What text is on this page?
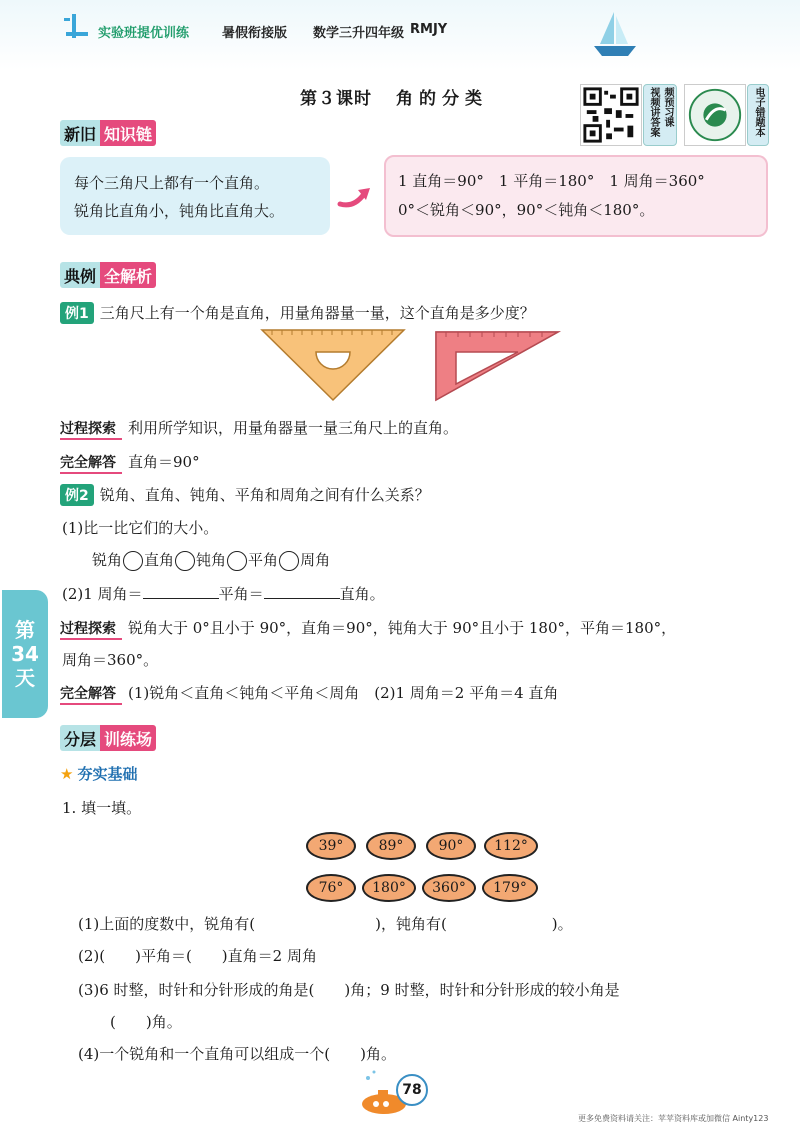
实验班提优训练	暑假衔接版 数学三升四年级 RMJY
第３课时 角的分类	视频讲答案 频预习课	电子错题本
新旧 知识链
每个三角尺上都有一个直角。
锐角比直角小，钝角比直角大。
1 直角＝90°　1 平角＝180°　1 周角＝360°
0°＜锐角＜90°，90°＜钝角＜180°。
典例 全解析
例1 三角尺上有一个角是直角，用量角器量一量，这个直角是多少度？
过程探索 利用所学知识，用量角器量一量三角尺上的直角。
完全解答 直角＝90°
例2 锐角、直角、钝角、平角和周角之间有什么关系？
(1)比一比它们的大小。
锐角 直角 钝角 平角 周角
(2)1 周角＝	平角＝	直角。
过程探索 锐角大于 0°且小于 90°，直角＝90°，钝角大于 90°且小于 180°，平角＝180°，
周角＝360°。
完全解答 (1)锐角＜直角＜钝角＜平角＜周角　(2)1 周角＝2 平角＝4 直角
第
34
天
分层 训练场
★ 夯实基础
1. 填一填。
39°	89°	90°	112°
76°	180°	360°	179°
(1)上面的度数中，锐角有(　　　　　　　　)，钝角有(　　　　　　　)。
(2)(　　)平角＝(　　)直角＝2 周角
(3)6 时整，时针和分针形成的角是(　　)角；9 时整，时针和分针形成的较小角是
(　　)角。
(4)一个锐角和一个直角可以组成一个(　　)角。
78
更多免费资料请关注：苹苹资料库或加微信 Ainty123
